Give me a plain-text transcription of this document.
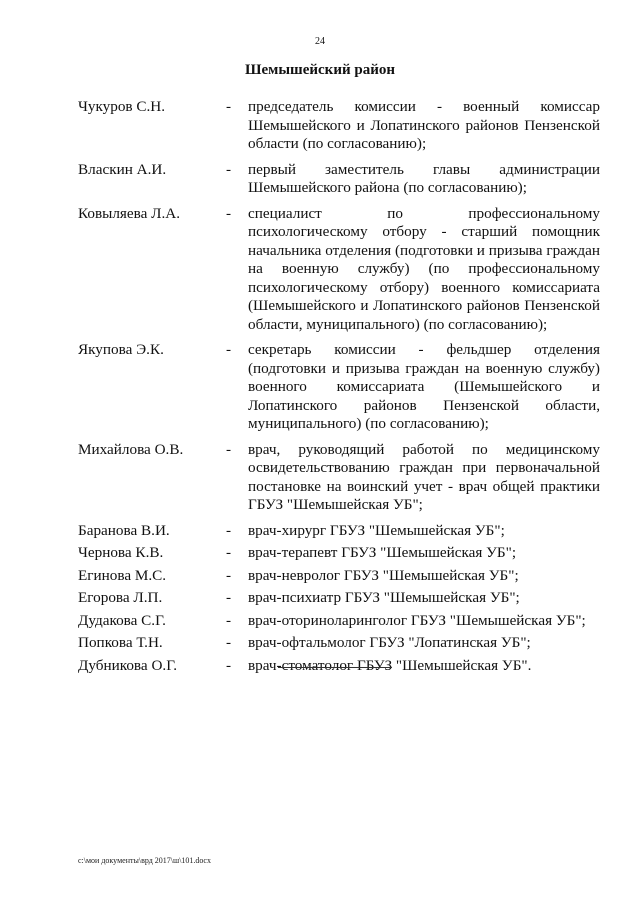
24
Шемышейский район
Чукуров С.Н.	-	председатель комиссии - военный комиссар Шемышейского и Лопатинского районов Пензенской области (по согласованию);
Власкин А.И.	-	первый заместитель главы администрации Шемышейского района (по согласованию);
Ковыляева Л.А.	-	специалист по профессиональному психологическому отбору - старший помощник начальника отделения (подготовки и призыва граждан на военную службу) (по профессиональному психологическому отбору) военного комиссариата (Шемышейского и Лопатинского районов Пензенской области, муниципального) (по согласованию);
Якупова Э.К.	-	секретарь комиссии - фельдшер отделения (подготовки и призыва граждан на военную службу) военного комиссариата (Шемышейского и Лопатинского районов Пензенской области, муниципального) (по согласованию);
Михайлова О.В.	-	врач, руководящий работой по медицинскому освидетельствованию граждан при первоначальной постановке на воинский учет - врач общей практики ГБУЗ "Шемышейская УБ";
Баранова В.И.	-	врач-хирург ГБУЗ "Шемышейская УБ";
Чернова К.В.	-	врач-терапевт ГБУЗ "Шемышейская УБ";
Егинова М.С.	-	врач-невролог ГБУЗ "Шемышейская УБ";
Егорова Л.П.	-	врач-психиатр ГБУЗ "Шемышейская УБ";
Дудакова С.Г.	-	врач-оториноларинголог ГБУЗ "Шемышейская УБ";
Попкова Т.Н.	-	врач-офтальмолог ГБУЗ "Лопатинская УБ";
Дубникова О.Г.	-	врач-стоматолог ГБУЗ "Шемышейская УБ".
c:\мои документы\врд 2017\ш\101.docx
